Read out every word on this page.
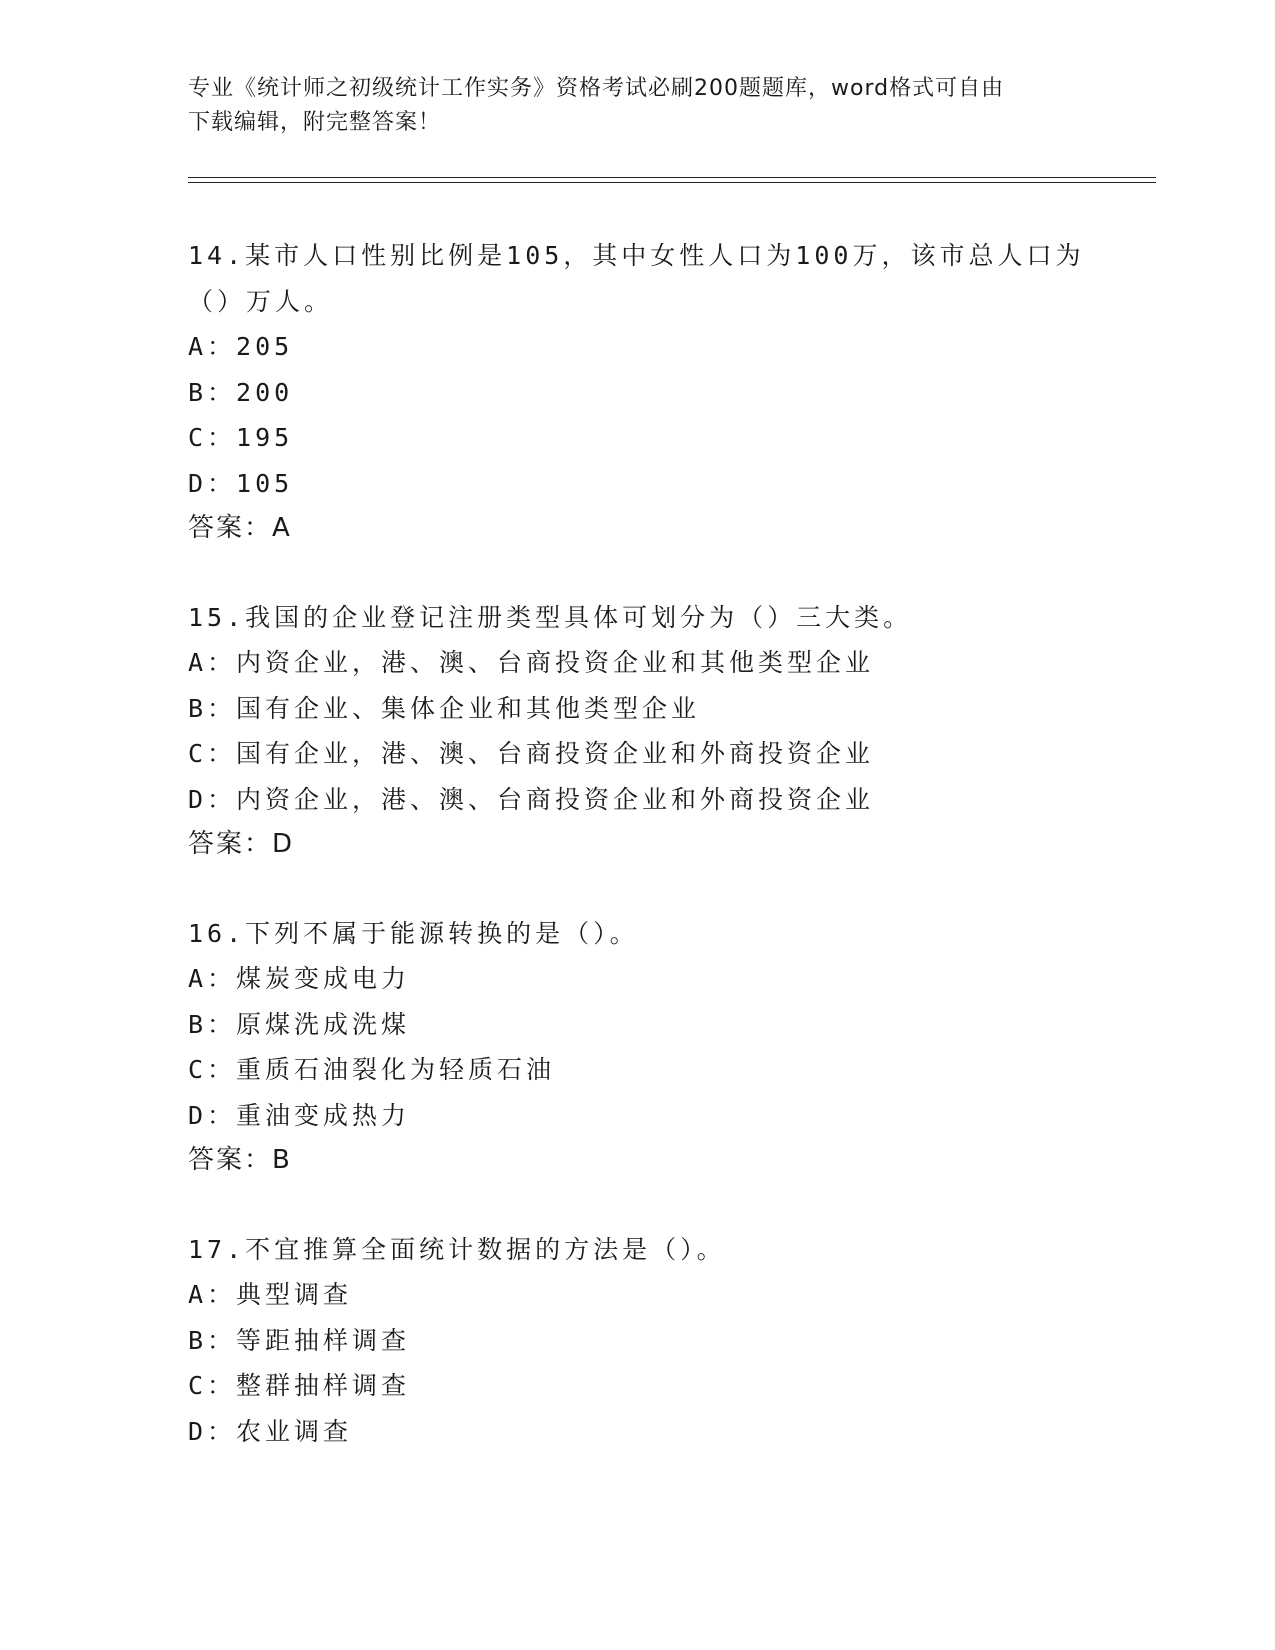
专业《统计师之初级统计工作实务》资格考试必刷200题题库，word格式可自由
下载编辑，附完整答案！
14.某市人口性别比例是105，其中女性人口为100万，该市总人口为
（）万人。
A：205
B：200
C：195
D：105
答案：A
15.我国的企业登记注册类型具体可划分为（）三大类。
A：内资企业，港、澳、台商投资企业和其他类型企业
B：国有企业、集体企业和其他类型企业
C：国有企业，港、澳、台商投资企业和外商投资企业
D：内资企业，港、澳、台商投资企业和外商投资企业
答案：D
16.下列不属于能源转换的是（）。
A：煤炭变成电力
B：原煤洗成洗煤
C：重质石油裂化为轻质石油
D：重油变成热力
答案：B
17.不宜推算全面统计数据的方法是（）。
A：典型调查
B：等距抽样调查
C：整群抽样调查
D：农业调查
